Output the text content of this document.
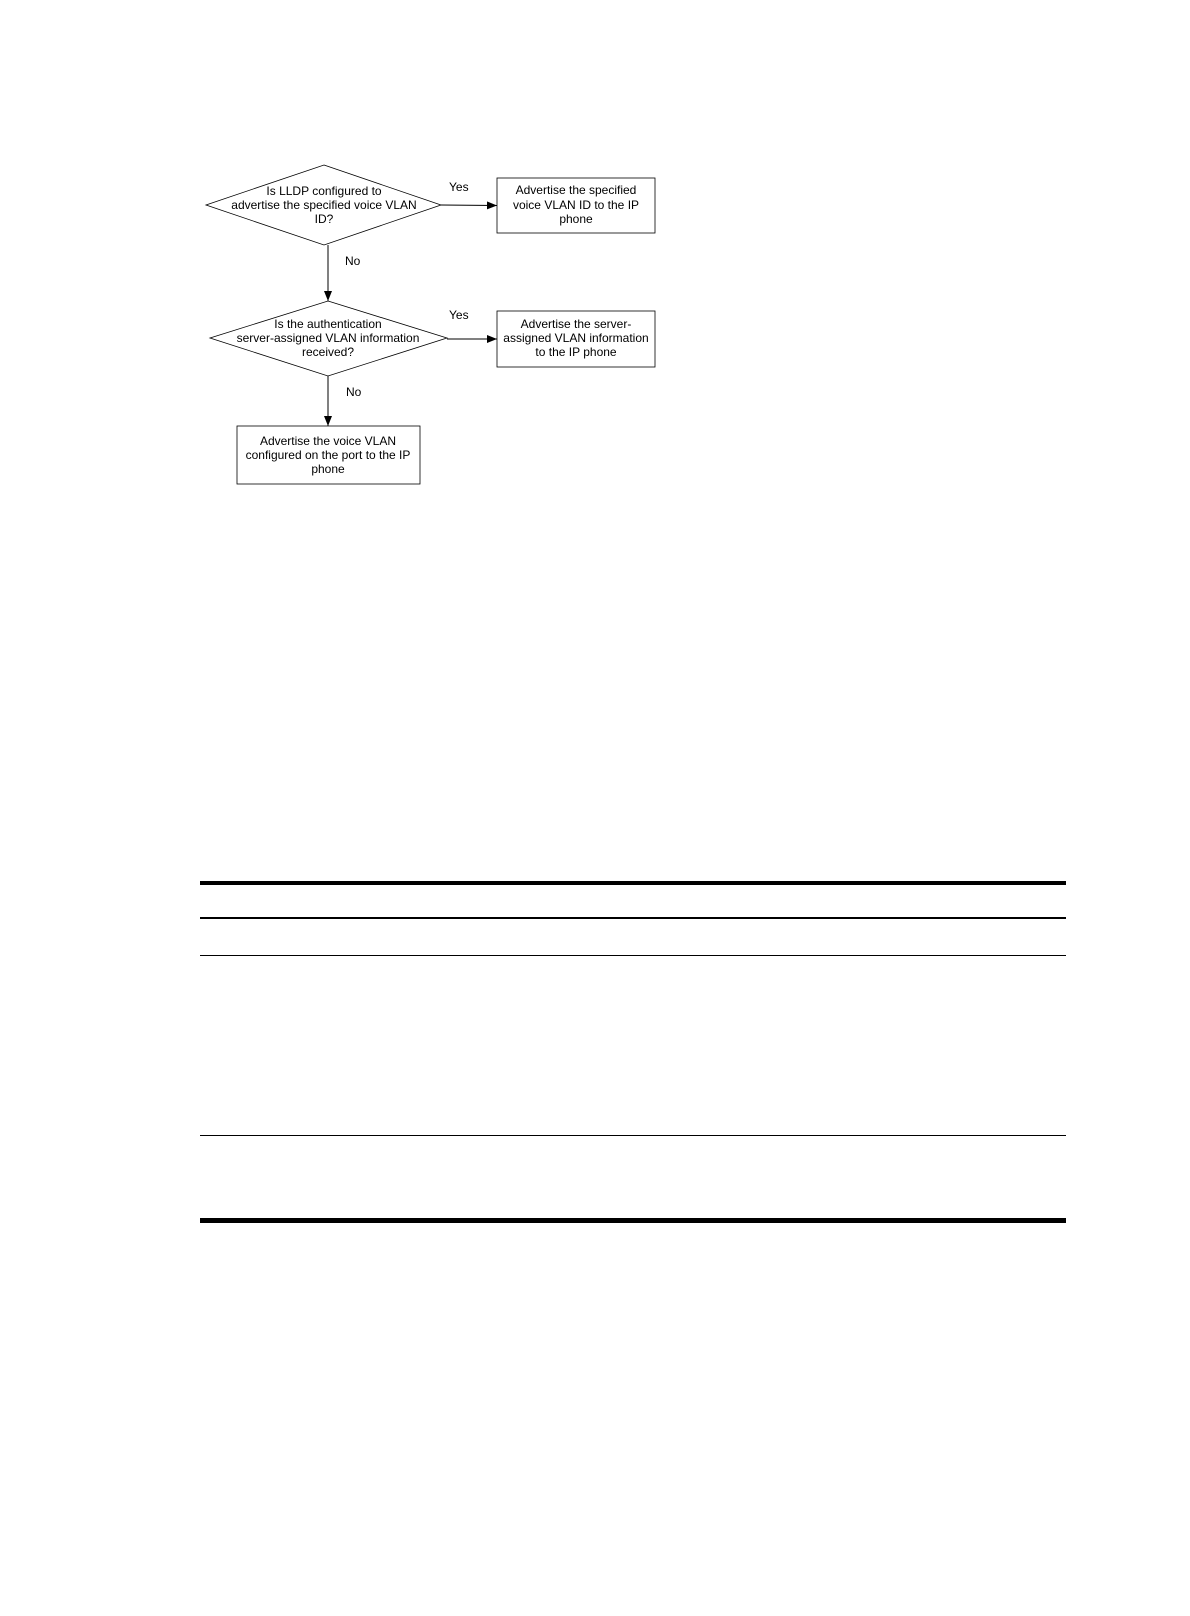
Is LLDP configured to
advertise the specified voice VLAN
ID?
Yes	Advertise the specified
voice VLAN ID to the IP
phone
No
Is the authentication
server-assigned VLAN information
received?
Yes
Advertise the server-
assigned VLAN information
to the IP phone
No
Advertise the voice VLAN
configured on the port to the IP
phone
